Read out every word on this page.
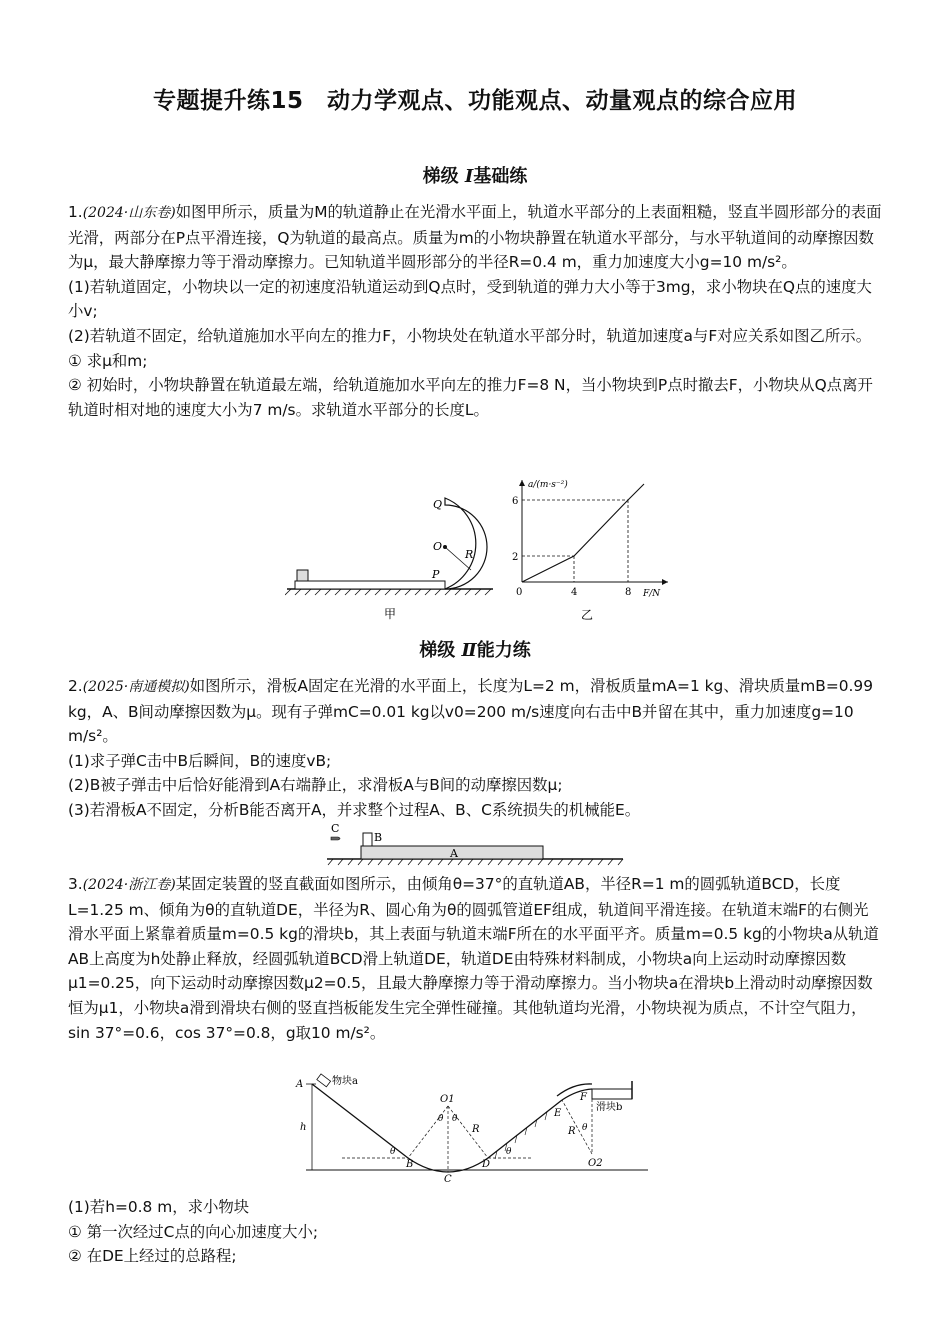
专题提升练15　动力学观点、功能观点、动量观点的综合应用
梯级 Ⅰ基础练

1.(2024·山东卷)如图甲所示，质量为M的轨道静止在光滑水平面上，轨道水平部分的上表面粗糙，竖直半圆形部分的表面光滑，两部分在P点平滑连接，Q为轨道的最高点。质量为m的小物块静置在轨道水平部分，与水平轨道间的动摩擦因数为μ，最大静摩擦力等于滑动摩擦力。已知轨道半圆形部分的半径R=0.4 m，重力加速度大小g=10 m/s²。

(1)若轨道固定，小物块以一定的初速度沿轨道运动到Q点时，受到轨道的弹力大小等于3mg，求小物块在Q点的速度大小v;

(2)若轨道不固定，给轨道施加水平向左的推力F，小物块处在轨道水平部分时，轨道加速度a与F对应关系如图乙所示。

① 求μ和m;

② 初始时，小物块静置在轨道最左端，给轨道施加水平向左的推力F=8 N，当小物块到P点时撤去F，小物块从Q点离开轨道时相对地的速度大小为7 m/s。求轨道水平部分的长度L。

Q
O
R
P
甲
a/(m·s⁻²)
F/N
0
2
6
4	8
乙
梯级 Ⅱ能力练

2.(2025·南通模拟)如图所示，滑板A固定在光滑的水平面上，长度为L=2 m，滑板质量mA=1 kg、滑块质量mB=0.99 kg，A、B间动摩擦因数为μ。现有子弹mC=0.01 kg以v0=200 m/s速度向右击中B并留在其中，重力加速度g=10 m/s²。

(1)求子弹C击中B后瞬间，B的速度vB;

(2)B被子弹击中后恰好能滑到A右端静止，求滑板A与B间的动摩擦因数μ;

(3)若滑板A不固定，分析B能否离开A，并求整个过程A、B、C系统损失的机械能E。

C
B
A

3.(2024·浙江卷)某固定装置的竖直截面如图所示，由倾角θ=37°的直轨道AB，半径R=1 m的圆弧轨道BCD，长度L=1.25 m、倾角为θ的直轨道DE，半径为R、圆心角为θ的圆弧管道EF组成，轨道间平滑连接。在轨道末端F的右侧光滑水平面上紧靠着质量m=0.5 kg的滑块b，其上表面与轨道末端F所在的水平面平齐。质量m=0.5 kg的小物块a从轨道AB上高度为h处静止释放，经圆弧轨道BCD滑上轨道DE，轨道DE由特殊材料制成，小物块a向上运动时动摩擦因数μ1=0.25，向下运动时动摩擦因数μ2=0.5，且最大静摩擦力等于滑动摩擦力。当小物块a在滑块b上滑动时动摩擦因数恒为μ1，小物块a滑到滑块右侧的竖直挡板能发生完全弹性碰撞。其他轨道均光滑，小物块视为质点，不计空气阻力，sin 37°=0.6，cos 37°=0.8，g取10 m/s²。

A	物块a
h
O1
θ θ
R
B
C
D
θ	θ
E
F
滑块b
R θ
O2

(1)若h=0.8 m，求小物块

① 第一次经过C点的向心加速度大小;

② 在DE上经过的总路程;
